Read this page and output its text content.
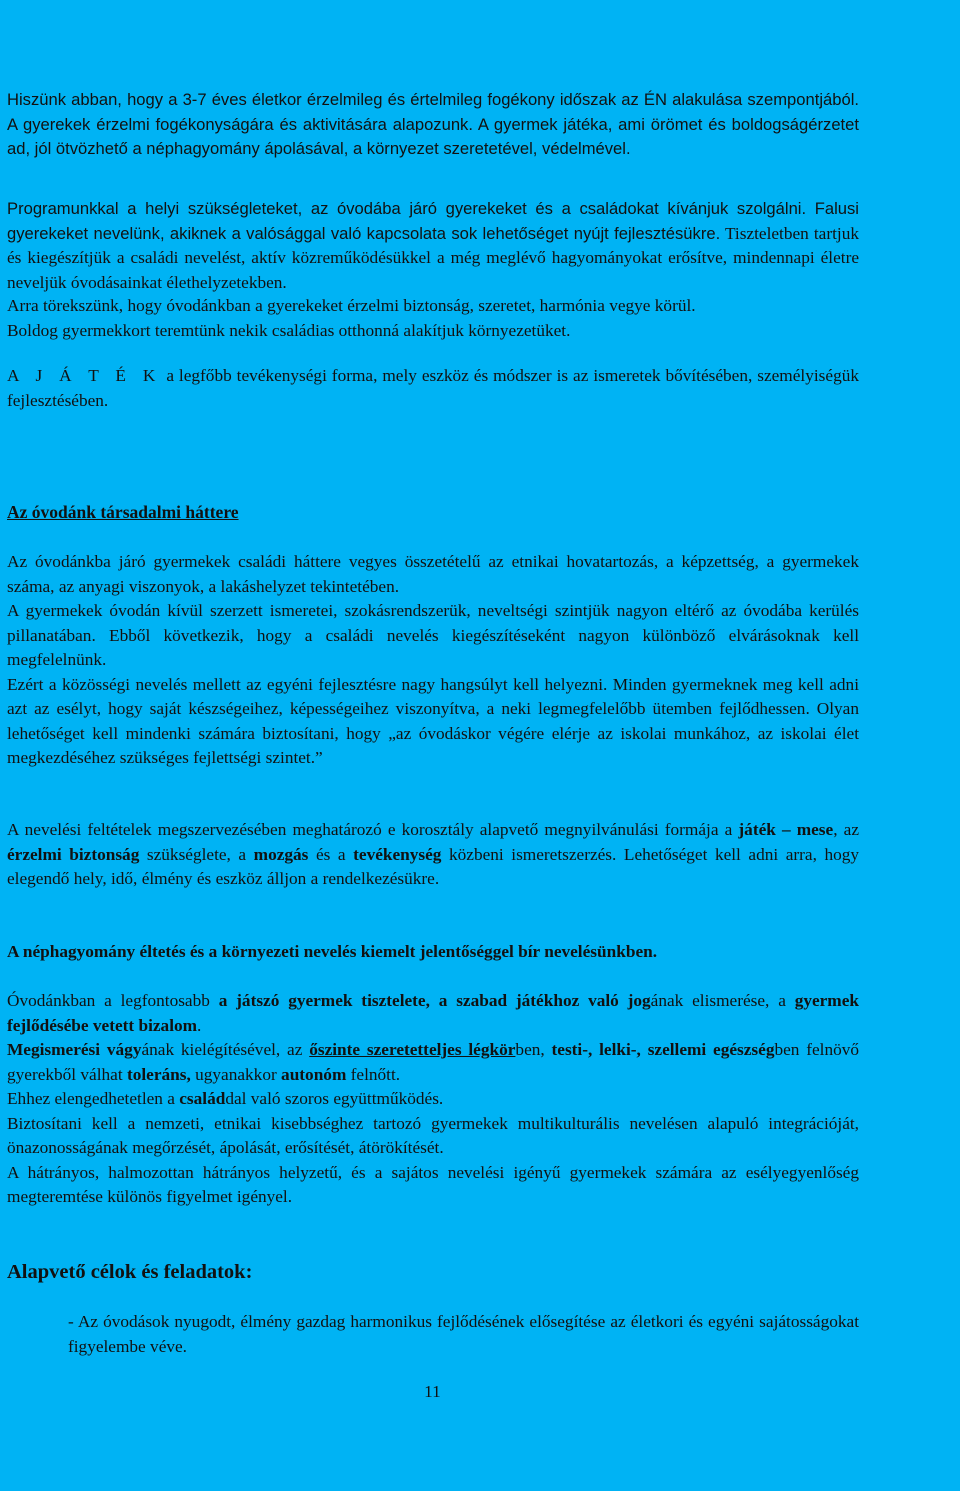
Hiszünk abban, hogy a 3-7 éves életkor érzelmileg és értelmileg fogékony időszak az ÉN alakulása szempontjából. A gyerekek érzelmi fogékonyságára és aktivitására alapozunk. A gyermek játéka, ami örömet és boldogságérzetet ad, jól ötvözhető a néphagyomány ápolásával, a környezet szeretetével, védelmével.

Programunkkal a helyi szükségleteket, az óvodába járó gyerekeket és a családokat kívánjuk szolgálni. Falusi gyerekeket nevelünk, akiknek a valósággal való kapcsolata sok lehetőséget nyújt fejlesztésükre. Tiszteletben tartjuk és kiegészítjük a családi nevelést, aktív közreműködésükkel a még meglévő hagyományokat erősítve, mindennapi életre neveljük óvodásainkat élethelyzetekben.

Arra törekszünk, hogy óvodánkban a gyerekeket érzelmi biztonság, szeretet, harmónia vegye körül.

Boldog gyermekkort teremtünk nekik családias otthonná alakítjuk környezetüket.

A J Á T É K a legfőbb tevékenységi forma, mely eszköz és módszer is az ismeretek bővítésében, személyiségük fejlesztésében.

Az óvodánk társadalmi háttere

Az óvodánkba járó gyermekek családi háttere vegyes összetételű az etnikai hovatartozás, a képzettség, a gyermekek száma, az anyagi viszonyok, a lakáshelyzet tekintetében.

A gyermekek óvodán kívül szerzett ismeretei, szokásrendszerük, neveltségi szintjük nagyon eltérő az óvodába kerülés pillanatában. Ebből következik, hogy a családi nevelés kiegészítéseként nagyon különböző elvárásoknak kell megfelelnünk.

Ezért a közösségi nevelés mellett az egyéni fejlesztésre nagy hangsúlyt kell helyezni. Minden gyermeknek meg kell adni azt az esélyt, hogy saját készségeihez, képességeihez viszonyítva, a neki legmegfelelőbb ütemben fejlődhessen. Olyan lehetőséget kell mindenki számára biztosítani, hogy „az óvodáskor végére elérje az iskolai munkához, az iskolai élet megkezdéséhez szükséges fejlettségi szintet.”

A nevelési feltételek megszervezésében meghatározó e korosztály alapvető megnyilvánulási formája a játék – mese, az érzelmi biztonság szükséglete, a mozgás és a tevékenység közbeni ismeretszerzés. Lehetőséget kell adni arra, hogy elegendő hely, idő, élmény és eszköz álljon a rendelkezésükre.

A néphagyomány éltetés és a környezeti nevelés kiemelt jelentőséggel bír nevelésünkben.

Óvodánkban a legfontosabb a játszó gyermek tisztelete, a szabad játékhoz való jogának elismerése, a gyermek fejlődésébe vetett bizalom.

Megismerési vágyának kielégítésével, az őszinte szeretetteljes légkörben, testi-, lelki-, szellemi egészségben felnövő gyerekből válhat toleráns, ugyanakkor autonóm felnőtt.

Ehhez elengedhetetlen a családdal való szoros együttműködés.

Biztosítani kell a nemzeti, etnikai kisebbséghez tartozó gyermekek multikulturális nevelésen alapuló integrációját, önazonosságának megőrzését, ápolását, erősítését, átörökítését.

A hátrányos, halmozottan hátrányos helyzetű, és a sajátos nevelési igényű gyermekek számára az esélyegyenlőség megteremtése különös figyelmet igényel.

Alapvető célok és feladatok:

- Az óvodások nyugodt, élmény gazdag harmonikus fejlődésének elősegítése az életkori és egyéni sajátosságokat figyelembe véve.

11
